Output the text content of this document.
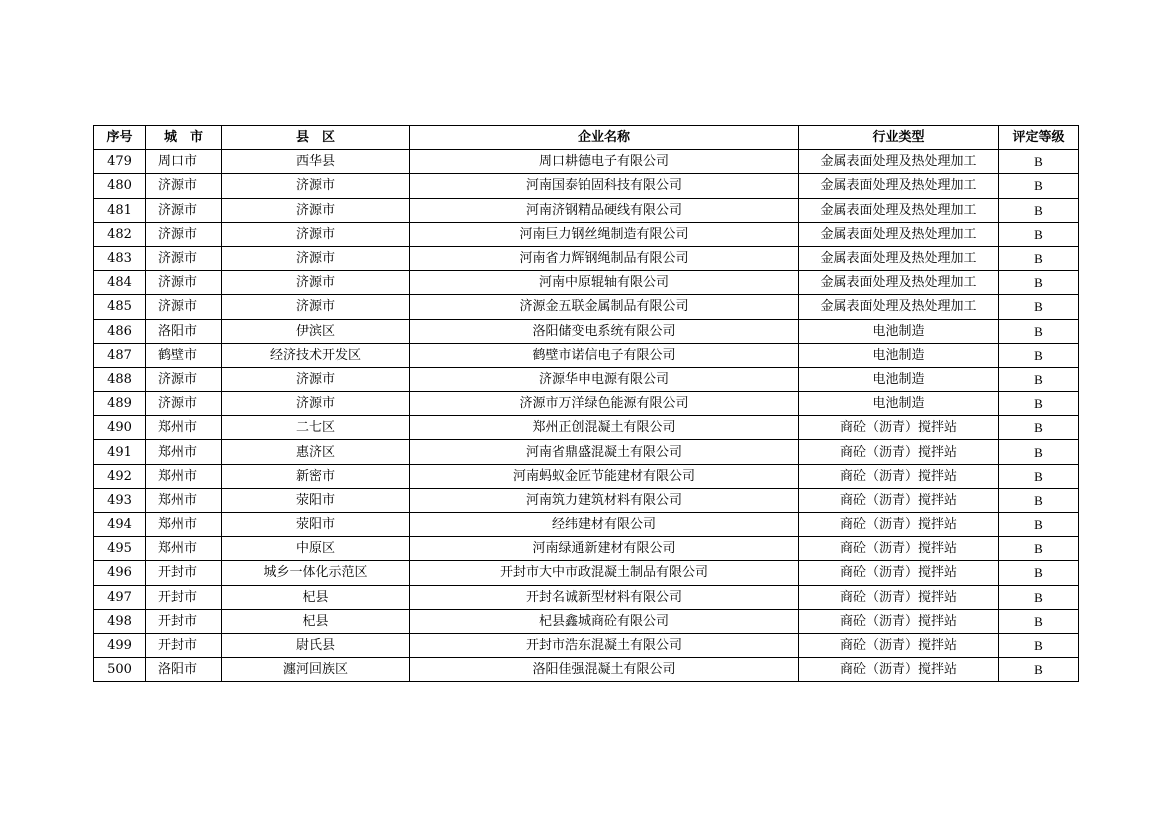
序号	城　市	县　区	企业名称	行业类型	评定等级
479	周口市	西华县	周口耕德电子有限公司	金属表面处理及热处理加工	B
480	济源市	济源市	河南国泰铂固科技有限公司	金属表面处理及热处理加工	B
481	济源市	济源市	河南济钢精品硬线有限公司	金属表面处理及热处理加工	B
482	济源市	济源市	河南巨力钢丝绳制造有限公司	金属表面处理及热处理加工	B
483	济源市	济源市	河南省力辉钢绳制品有限公司	金属表面处理及热处理加工	B
484	济源市	济源市	河南中原辊轴有限公司	金属表面处理及热处理加工	B
485	济源市	济源市	济源金五联金属制品有限公司	金属表面处理及热处理加工	B
486	洛阳市	伊滨区	洛阳储变电系统有限公司	电池制造	B
487	鹤壁市	经济技术开发区	鹤壁市诺信电子有限公司	电池制造	B
488	济源市	济源市	济源华申电源有限公司	电池制造	B
489	济源市	济源市	济源市万洋绿色能源有限公司	电池制造	B
490	郑州市	二七区	郑州正创混凝土有限公司	商砼（沥青）搅拌站	B
491	郑州市	惠济区	河南省鼎盛混凝土有限公司	商砼（沥青）搅拌站	B
492	郑州市	新密市	河南蚂蚁金匠节能建材有限公司	商砼（沥青）搅拌站	B
493	郑州市	荥阳市	河南筑力建筑材料有限公司	商砼（沥青）搅拌站	B
494	郑州市	荥阳市	经纬建材有限公司	商砼（沥青）搅拌站	B
495	郑州市	中原区	河南绿通新建材有限公司	商砼（沥青）搅拌站	B
496	开封市	城乡一体化示范区	开封市大中市政混凝土制品有限公司	商砼（沥青）搅拌站	B
497	开封市	杞县	开封名诚新型材料有限公司	商砼（沥青）搅拌站	B
498	开封市	杞县	杞县鑫城商砼有限公司	商砼（沥青）搅拌站	B
499	开封市	尉氏县	开封市浩东混凝土有限公司	商砼（沥青）搅拌站	B
500	洛阳市	瀍河回族区	洛阳佳强混凝土有限公司	商砼（沥青）搅拌站	B
